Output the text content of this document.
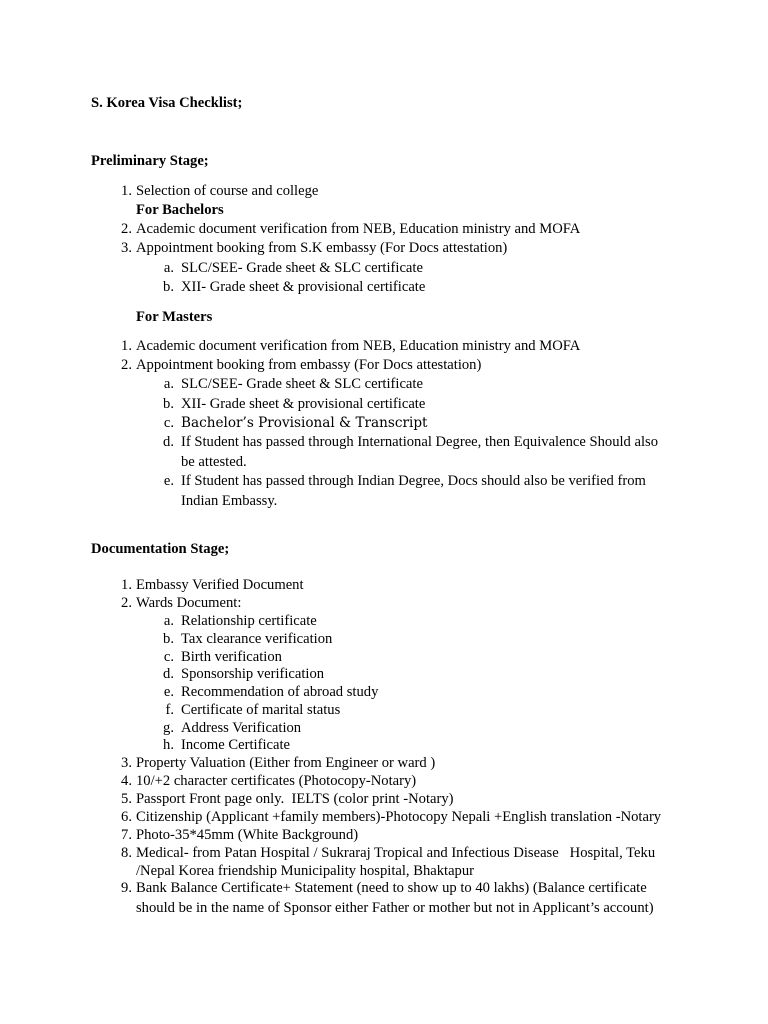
S. Korea Visa Checklist;
Preliminary Stage;
1. Selection of course and college
For Bachelors
2. Academic document verification from NEB, Education ministry and MOFA
3. Appointment booking from S.K embassy (For Docs attestation)
a. SLC/SEE- Grade sheet & SLC certificate
b. XII- Grade sheet & provisional certificate
For Masters
1. Academic document verification from NEB, Education ministry and MOFA
2. Appointment booking from embassy (For Docs attestation)
a. SLC/SEE- Grade sheet & SLC certificate
b. XII- Grade sheet & provisional certificate
c. Bachelor’s Provisional & Transcript
d. If Student has passed through International Degree, then Equivalence Should also
be attested.
e. If Student has passed through Indian Degree, Docs should also be verified from
Indian Embassy.
Documentation Stage;
1. Embassy Verified Document
2. Wards Document:
a. Relationship certificate
b. Tax clearance verification
c. Birth verification
d. Sponsorship verification
e. Recommendation of abroad study
f. Certificate of marital status
g. Address Verification
h. Income Certificate
3. Property Valuation (Either from Engineer or ward )
4. 10/+2 character certificates (Photocopy-Notary)
5. Passport Front page only.  IELTS (color print -Notary)
6. Citizenship (Applicant +family members)-Photocopy Nepali +English translation -Notary
7. Photo-35*45mm (White Background)
8. Medical- from Patan Hospital / Sukraraj Tropical and Infectious Disease   Hospital, Teku
/Nepal Korea friendship Municipality hospital, Bhaktapur
9. Bank Balance Certificate+ Statement (need to show up to 40 lakhs) (Balance certificate
should be in the name of Sponsor either Father or mother but not in Applicant’s account)
